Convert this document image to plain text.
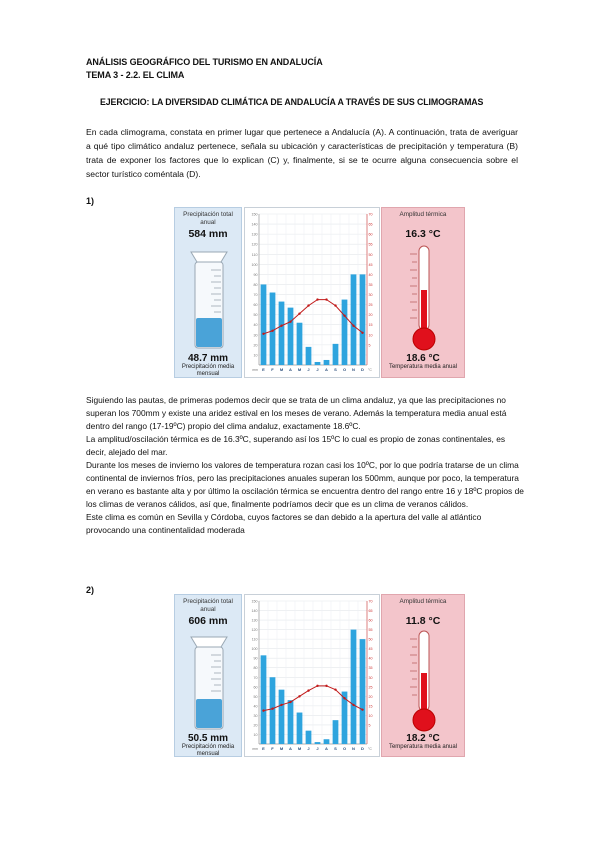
ANÁLISIS GEOGRÁFICO DEL TURISMO EN ANDALUCÍA
TEMA 3 - 2.2. EL CLIMA
EJERCICIO: LA DIVERSIDAD CLIMÁTICA DE ANDALUCÍA A TRAVÉS DE SUS CLIMOGRAMAS
En cada climograma, constata en primer lugar que pertenece a Andalucía (A). A continuación, trata de averiguar a qué tipo climático andaluz pertenece, señala su ubicación y características de precipitación y temperatura (B) trata de exponer los factores que lo explican (C) y, finalmente, si se te ocurre alguna consecuencia sobre el sector turístico coméntala (D).
1)
Precipitación total anual
584 mm
48.7 mm
Precipitación media mensual
150
140
130
120
110
100
90
80
70
60
50
40
30
20
10
70
65
60
55
50
45
40
35
30
25
20
15
10
5
E F M A M J J A S O N D
mm	°C
Amplitud térmica
16.3 °C
18.6 °C
Temperatura media anual

Siguiendo las pautas, de primeras podemos decir que se trata de un clima andaluz, ya que las precipitaciones no superan los 700mm y existe una aridez estival en los meses de verano. Además la temperatura media anual está dentro del rango (17-19ºC) propio del clima andaluz, exactamente 18.6ºC.

La amplitud/oscilación térmica es de 16.3ºC, superando así los 15ºC lo cual es propio de zonas continentales, es decir, alejado del mar.

Durante los meses de invierno los valores de temperatura rozan casi los 10ºC, por lo que podría tratarse de un clima continental de inviernos fríos, pero las precipitaciones anuales superan los 500mm, aunque por poco, la temperatura en verano es bastante alta y por último la oscilación térmica se encuentra dentro del rango entre 16 y 18ºC propios de los climas de veranos cálidos, así que, finalmente podríamos decir que es un clima de veranos cálidos.

Este clima es común en Sevilla y Córdoba, cuyos factores se dan debido a la apertura del valle al atlántico provocando una continentalidad moderada

2)
Precipitación total anual
606 mm
50.5 mm
Precipitación media mensual
150
140
130
120
110
100
90
80
70
60
50
40
30
20
10
70
65
60
55
50
45
40
35
30
25
20
15
10
5
E F M A M J J A S O N D
mm	°C
Amplitud térmica
11.8 °C
18.2 °C
Temperatura media anual
